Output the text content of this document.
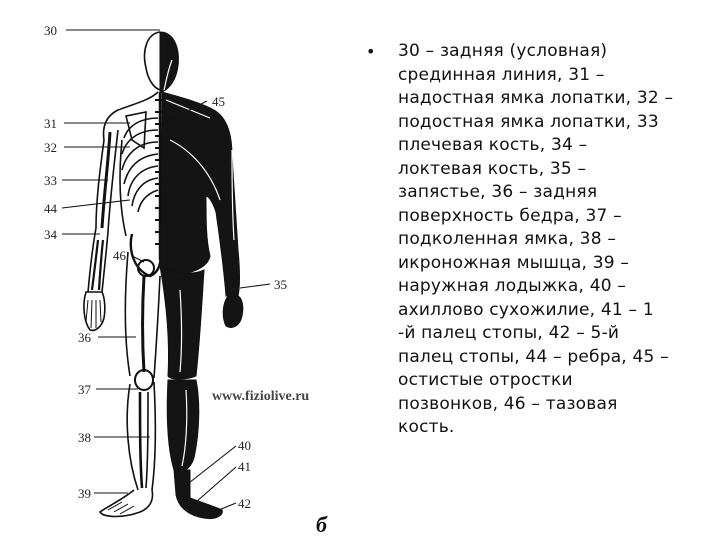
30
45
31
32
33
44
34
46
35
36
37
38
40
41
39
42
www.fiziolive.ru
б
•	30 – задняя (условная) срединная линия, 31 – надостная ямка лопатки, 32 – подостная ямка лопатки, 33 плечевая кость, 34 – локтевая кость, 35 – запястье, 36 – задняя поверхность бедра, 37 – подколенная ямка, 38 – икроножная мышца, 39 – наружная лодыжка, 40 – ахиллово сухожилие, 41 – 1 -й палец стопы, 42 – 5-й палец стопы, 44 – ребра, 45 – остистые отростки позвонков, 46 – тазовая кость.
